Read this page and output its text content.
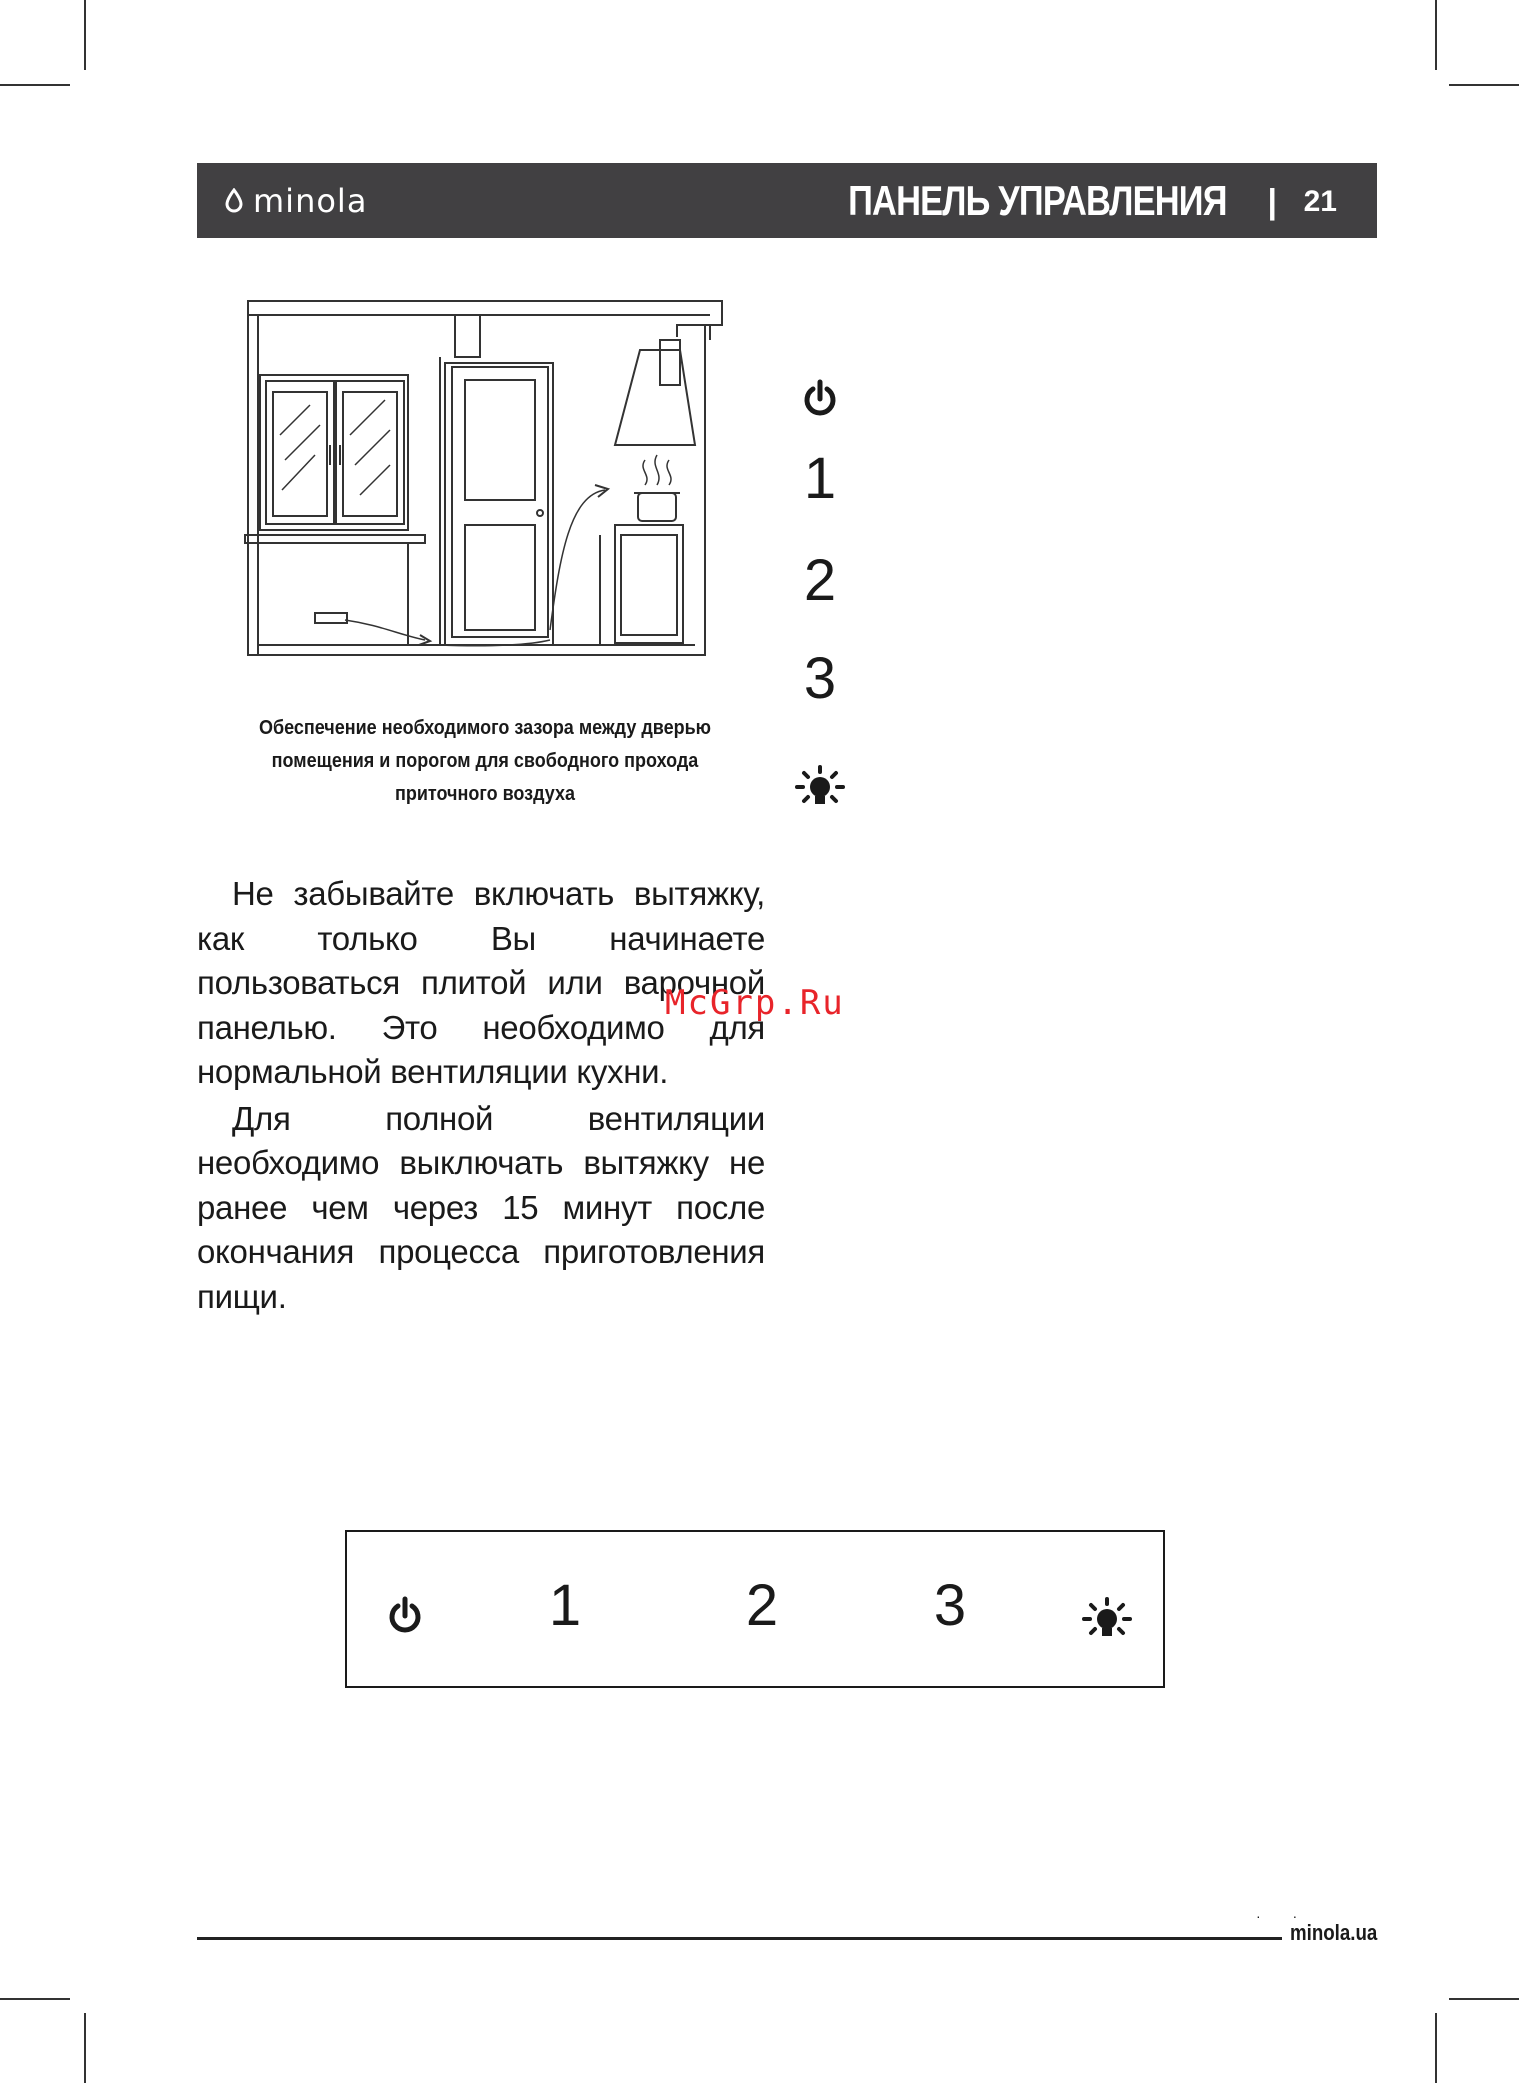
minola	ПАНЕЛЬ УПРАВЛЕНИЯ | 21
Обеспечение необходимого зазора между дверью
помещения и порогом для свободного прохода
приточного воздуха
1
2
3

Не забывайте включать вытяжку, как только Вы начинаете пользоваться плитой или варочной панелью. Это необходимо для нормальной вентиляции кухни.

Для полной вентиляции необходимо выключать вытяжку не ранее чем через 15 минут после окончания процесса приготовления пищи.

McGrp.Ru
1	2	3
· ·
minola.ua
